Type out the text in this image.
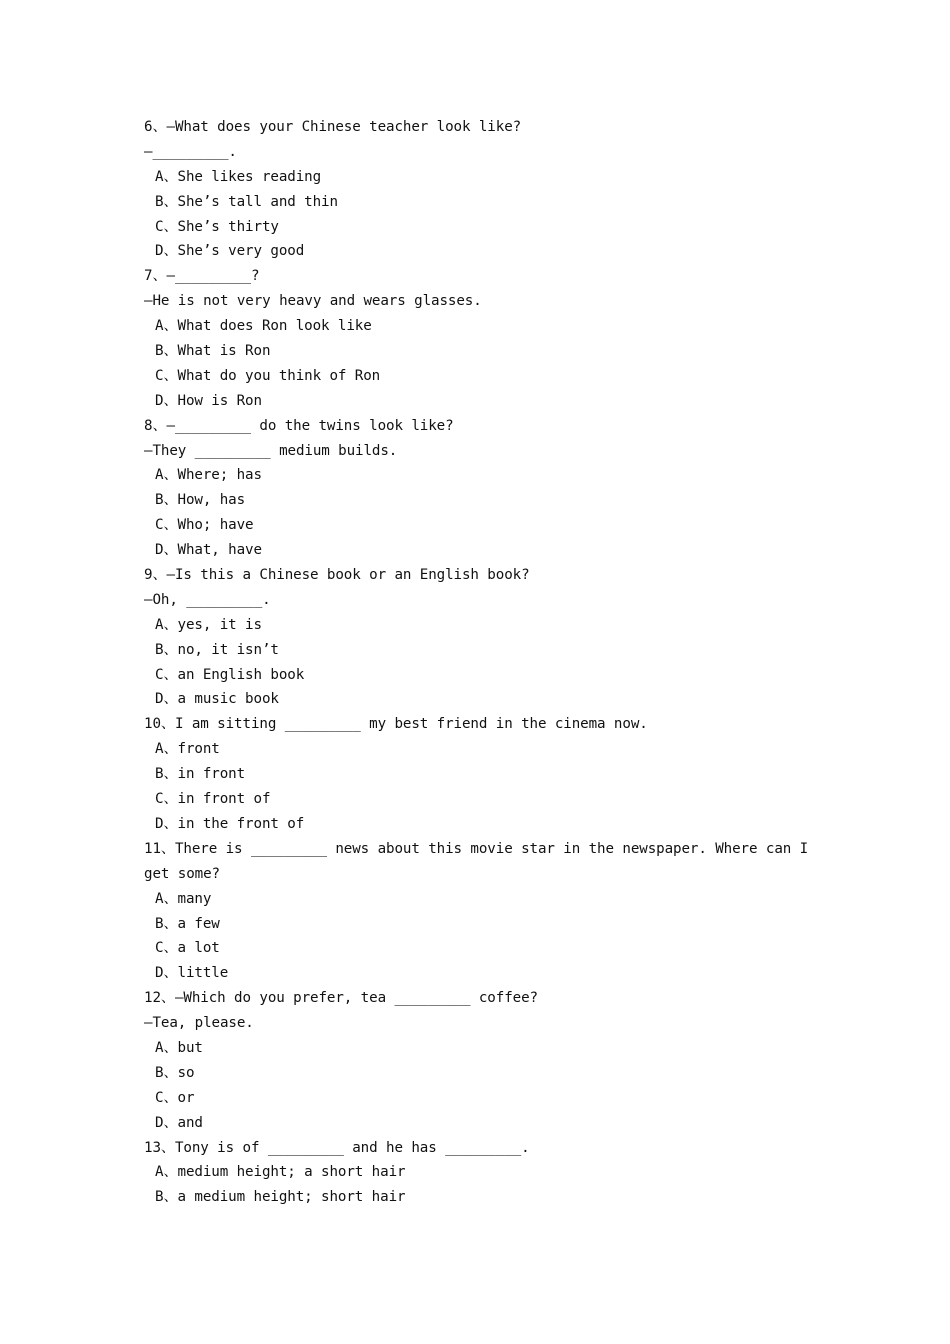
6、—What does your Chinese teacher look like?
—_________.
A、She likes reading
B、She’s tall and thin
C、She’s thirty
D、She’s very good
7、—_________?
—He is not very heavy and wears glasses.
A、What does Ron look like
B、What is Ron
C、What do you think of Ron
D、How is Ron
8、—_________ do the twins look like?
—They _________ medium builds.
A、Where; has
B、How, has
C、Who; have
D、What, have
9、—Is this a Chinese book or an English book?
—Oh, _________.
A、yes, it is
B、no, it isn’t
C、an English book
D、a music book
10、I am sitting _________ my best friend in the cinema now.
A、front
B、in front
C、in front of
D、in the front of
11、There is _________ news about this movie star in the newspaper. Where can I
get some?
A、many
B、a few
C、a lot
D、little
12、—Which do you prefer, tea _________ coffee?
—Tea, please.
A、but
B、so
C、or
D、and
13、Tony is of _________ and he has _________.
A、medium height; a short hair
B、a medium height; short hair
